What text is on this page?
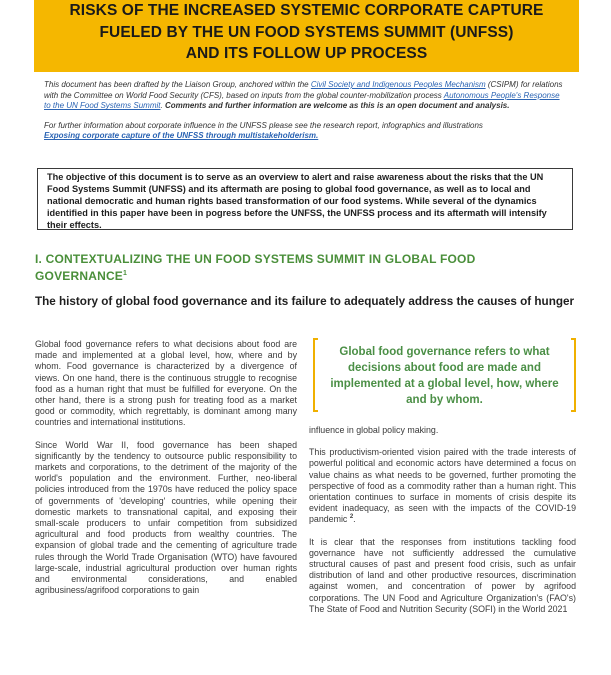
RISKS OF THE INCREASED SYSTEMIC CORPORATE CAPTURE
FUELED BY THE UN FOOD SYSTEMS SUMMIT (UNFSS)
AND ITS FOLLOW UP PROCESS

This document has been drafted by the Liaison Group, anchored within the Civil Society and Indigenous Peoples Mechanism (CSIPM) for relations with the Committee on World Food Security (CFS), based on inputs from the global counter-mobilization process Autonomous People's Response to the UN Food Systems Summit. Comments and further information are welcome as this is an open document and analysis.

For further information about corporate influence in the UNFSS please see the research report, infographics and illustrations
Exposing corporate capture of the UNFSS through multistakeholderism.

The objective of this document is to serve as an overview to alert and raise awareness about the risks that the UN Food Systems Summit (UNFSS) and its aftermath are posing to global food governance, as well as to local and national democratic and human rights based transformation of our food systems. While several of the dynamics identified in this paper have been in pogress before the UNFSS, the UNFSS process and its aftermath will intensify their effects.
I. CONTEXTUALIZING THE UN FOOD SYSTEMS SUMMIT IN GLOBAL FOOD GOVERNANCE$^1$
The history of global food governance and its failure to adequately address the causes of hunger

Global food governance refers to what decisions about food are made and implemented at a global level, how, where and by whom. Food governance is characterized by a divergence of views. On one hand, there is the continuous struggle to recognise food as a human right that must be fulfilled for everyone. On the other hand, there is a strong push for treating food as a market good or commodity, which regrettably, is dominant among many countries and international institutions.

Since World War II, food governance has been shaped significantly by the tendency to outsource public responsibility to markets and corporations, to the detriment of the majority of the world's population and the environment. Further, neo-liberal policies introduced from the 1970s have reduced the policy space of governments of 'developing' countries, while opening their domestic markets to transnational capital, and exposing their small-scale producers to unfair competition from subsidized agricultural and food products from wealthy countries. The expansion of global trade and the cementing of agriculture trade rules through the World Trade Organisation (WTO) have favoured large-scale, industrial agricultural production over human rights and environmental considerations, and enabled agribusiness/agrifood corporations to gain

Global food governance refers to what decisions about food are made and implemented at a global level, how, where and by whom.

influence in global policy making.

This productivism-oriented vision paired with the trade interests of powerful political and economic actors have determined a focus on value chains as what needs to be governed, further promoting the perspective of food as a commodity rather than a human right. This orientation continues to surface in moments of crisis despite its evident inadequacy, as seen with the impacts of the COVID-19 pandemic $^2$.

It is clear that the responses from institutions tackling food governance have not sufficiently addressed the cumulative structural causes of past and present food crisis, such as unfair distribution of land and other productive resources, discrimination against women, and concentration of power by agrifood corporations. The UN Food and Agriculture Organization's (FAO's) The State of Food and Nutrition Security (SOFI) in the World 2021
